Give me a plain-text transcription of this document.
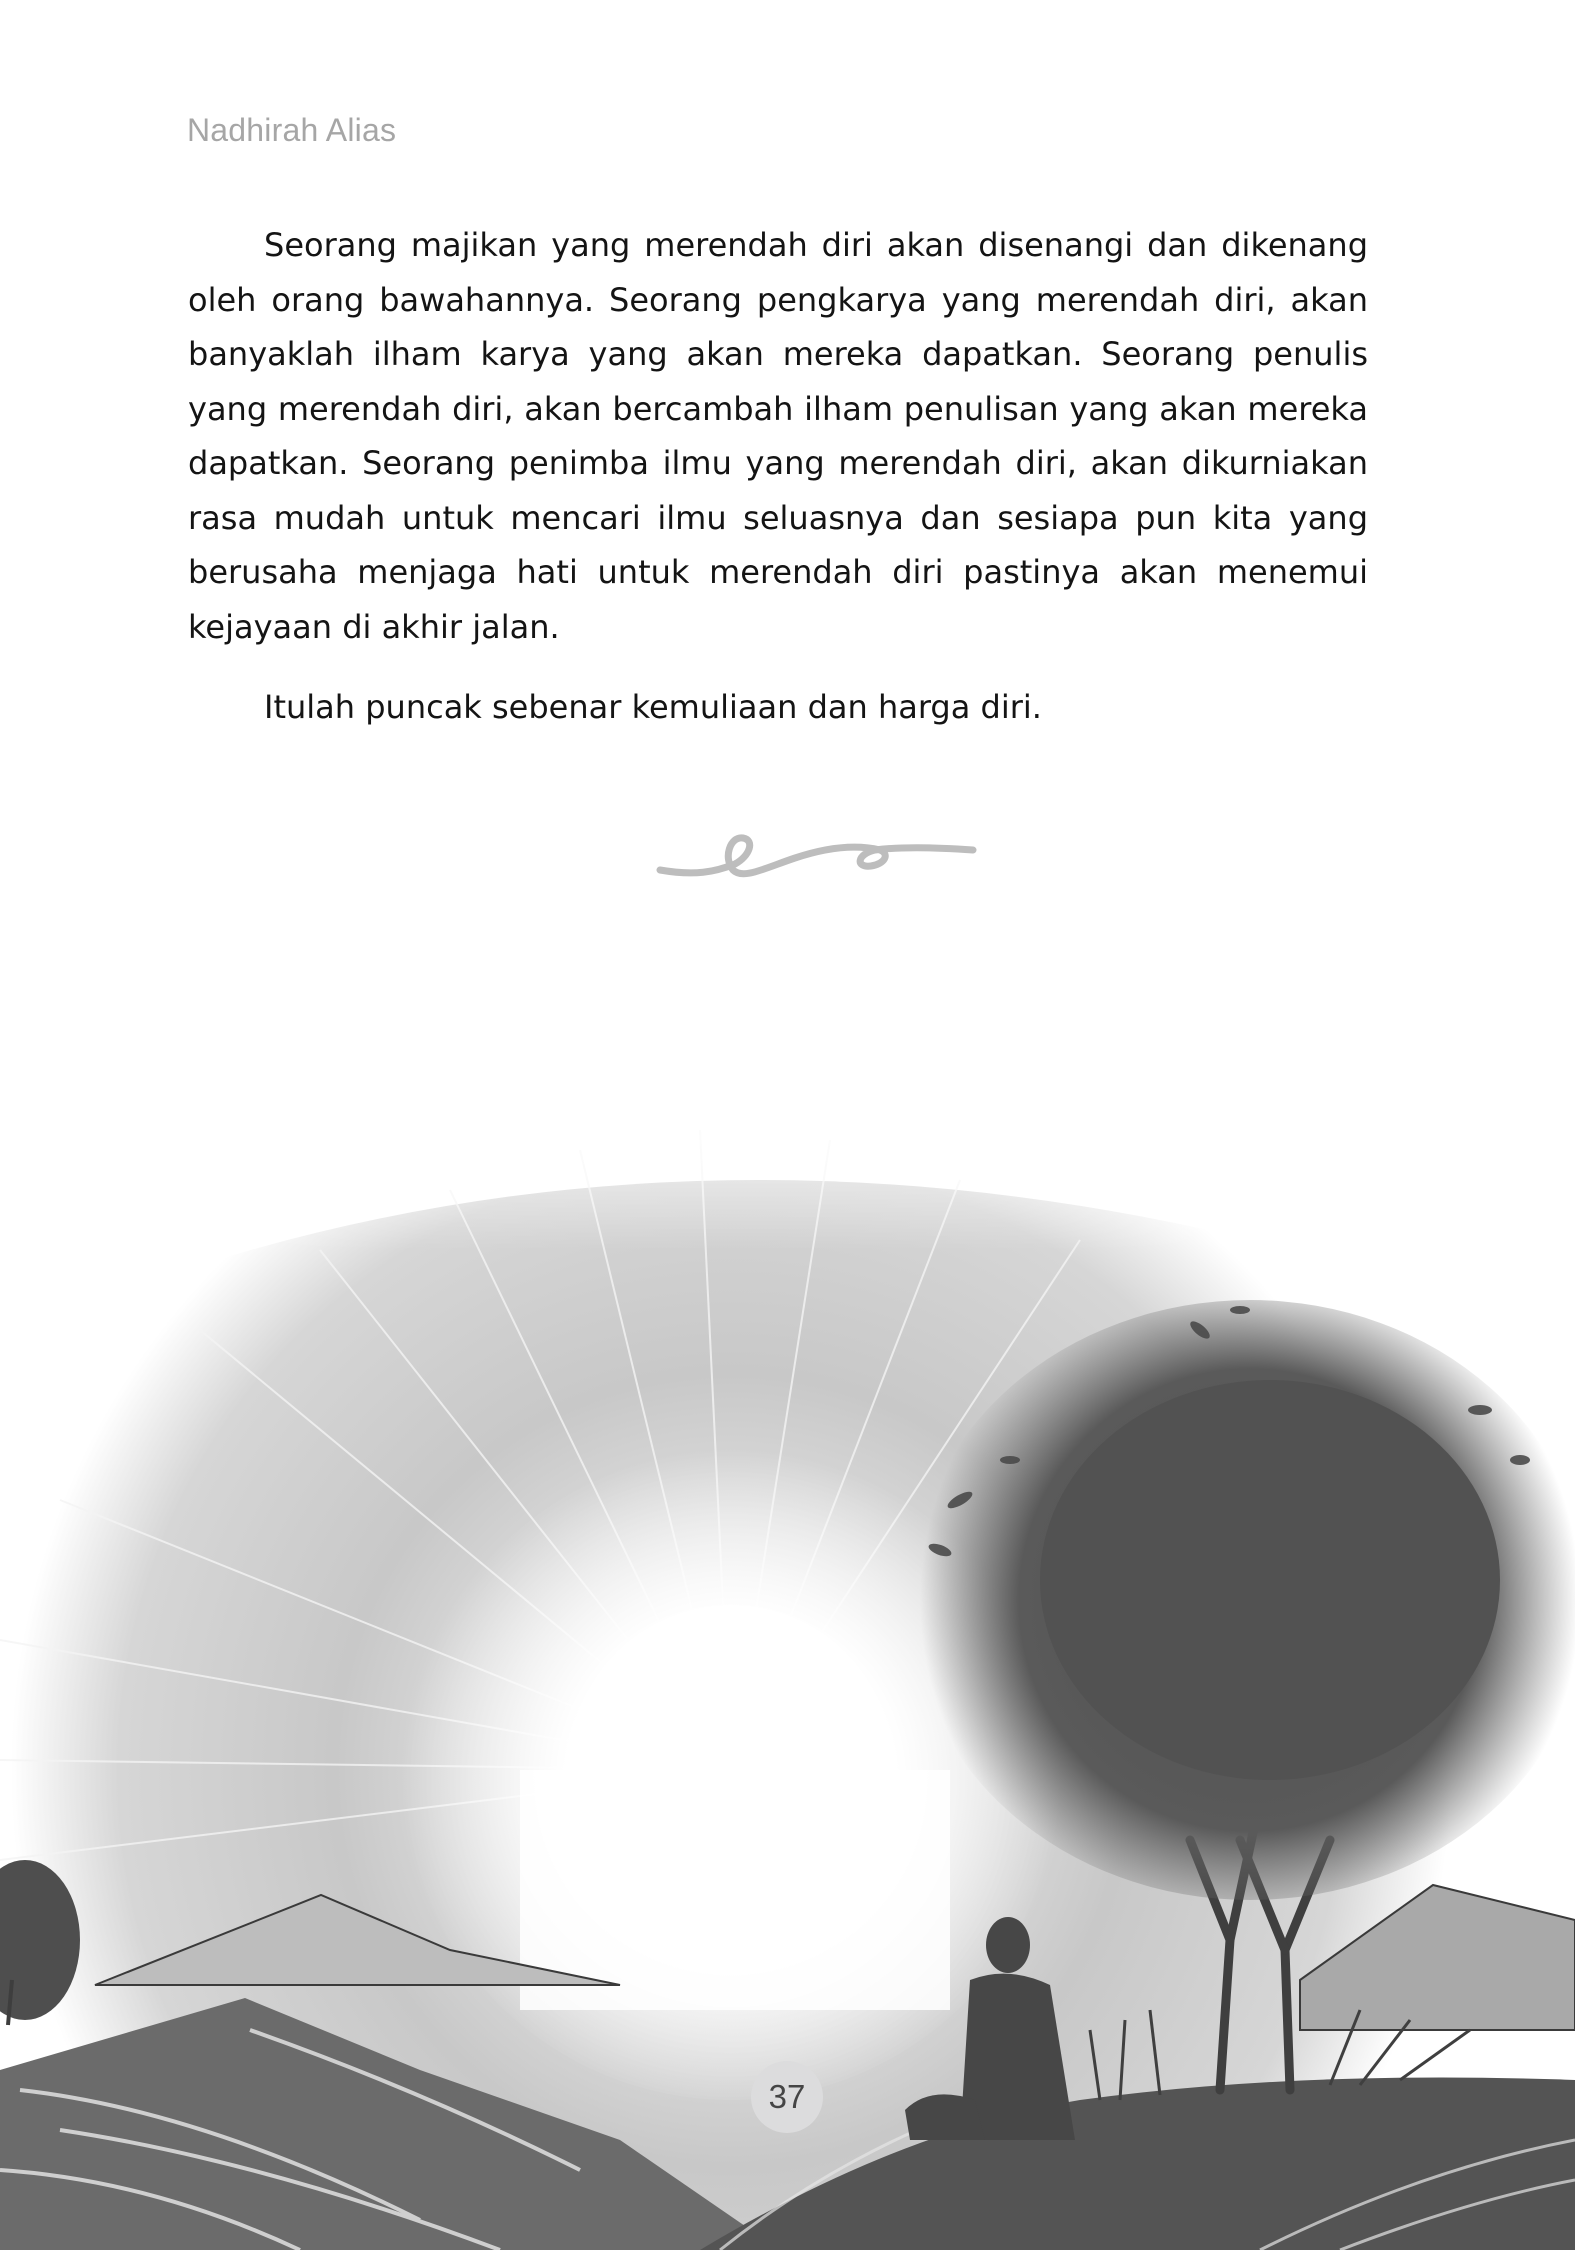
Nadhirah Alias

Seorang majikan yang merendah diri akan disenangi dan dikenang oleh orang bawahannya. Seorang pengkarya yang merendah diri, akan banyaklah ilham karya yang akan mereka dapatkan. Seorang penulis yang merendah diri, akan bercambah ilham penulisan yang akan mereka dapatkan. Seorang penimba ilmu yang merendah diri, akan dikurniakan rasa mudah untuk mencari ilmu seluasnya dan sesiapa pun kita yang berusaha menjaga hati untuk merendah diri pastinya akan menemui kejayaan di akhir jalan.

Itulah puncak sebenar kemuliaan dan harga diri.

37
